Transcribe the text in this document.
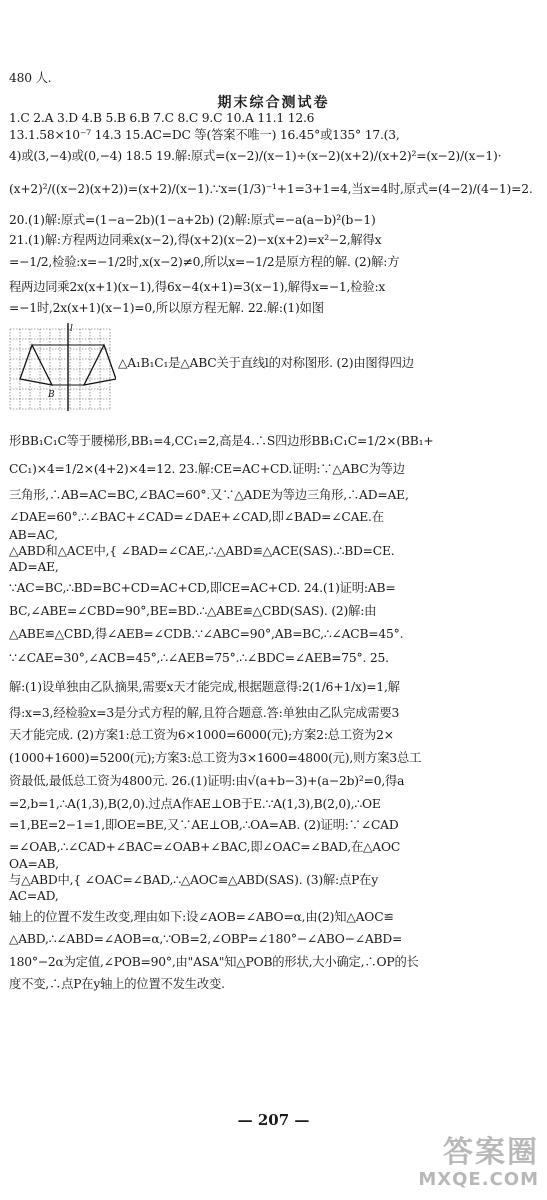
480 人.
期末综合测试卷
1.C 2.A 3.D 4.B 5.B 6.B 7.C 8.C 9.C 10.A 11.1 12.6
13.1.58×10⁻⁷ 14.3 15.AC=DC 等(答案不唯一) 16.45°或135° 17.(3,
4)或(3,−4)或(0,−4) 18.5 19.解:原式=(x−2)/(x−1)÷(x−2)(x+2)/(x+2)²=(x−2)/(x−1)·
(x+2)²/((x−2)(x+2))=(x+2)/(x−1).∵x=(1/3)⁻¹+1=3+1=4,当x=4时,原式=(4−2)/(4−1)=2.
20.(1)解:原式=(1−a−2b)(1−a+2b) (2)解:原式=−a(a−b)²(b−1)
21.(1)解:方程两边同乘x(x−2),得(x+2)(x−2)−x(x+2)=x²−2,解得x
=−1/2,检验:x=−1/2时,x(x−2)≠0,所以x=−1/2是原方程的解. (2)解:方
程两边同乘2x(x+1)(x−1),得6x−4(x+1)=3(x−1),解得x=−1,检验:x
=−1时,2x(x+1)(x−1)=0,所以原方程无解. 22.解:(1)如图
l
B
△A₁B₁C₁是△ABC关于直线l的对称图形. (2)由图得四边
形BB₁C₁C等于腰梯形,BB₁=4,CC₁=2,高是4.∴S四边形BB₁C₁C=1/2×(BB₁+
CC₁)×4=1/2×(4+2)×4=12. 23.解:CE=AC+CD.证明:∵△ABC为等边
三角形,∴AB=AC=BC,∠BAC=60°.又∵△ADE为等边三角形,∴AD=AE,
∠DAE=60°.∴∠BAC+∠CAD=∠DAE+∠CAD,即∠BAD=∠CAE.在
AB=AC,
△ABD和△ACE中,{ ∠BAD=∠CAE,∴△ABD≌△ACE(SAS).∴BD=CE.
AD=AE,
∵AC=BC,∴BD=BC+CD=AC+CD,即CE=AC+CD. 24.(1)证明:AB=
BC,∠ABE=∠CBD=90°,BE=BD.∴△ABE≌△CBD(SAS). (2)解:由
△ABE≌△CBD,得∠AEB=∠CDB.∵∠ABC=90°,AB=BC,∴∠ACB=45°.
∵∠CAE=30°,∠ACB=45°,∴∠AEB=75°.∴∠BDC=∠AEB=75°. 25.
解:(1)设单独由乙队摘果,需要x天才能完成,根据题意得:2(1/6+1/x)=1,解
得:x=3,经检验x=3是分式方程的解,且符合题意.答:单独由乙队完成需要3
天才能完成. (2)方案1:总工资为6×1000=6000(元);方案2:总工资为2×
(1000+1600)=5200(元);方案3:总工资为3×1600=4800(元),则方案3总工
资最低,最低总工资为4800元. 26.(1)证明:由√(a+b−3)+(a−2b)²=0,得a
=2,b=1,∴A(1,3),B(2,0).过点A作AE⊥OB于E.∵A(1,3),B(2,0),∴OE
=1,BE=2−1=1,即OE=BE,又∵AE⊥OB,∴OA=AB. (2)证明:∵∠CAD
=∠OAB,∴∠CAD+∠BAC=∠OAB+∠BAC,即∠OAC=∠BAD,在△AOC
OA=AB,
与△ABD中,{ ∠OAC=∠BAD,∴△AOC≌△ABD(SAS). (3)解:点P在y
AC=AD,
轴上的位置不发生改变,理由如下:设∠AOB=∠ABO=α,由(2)知△AOC≌
△ABD,∴∠ABD=∠AOB=α,∵OB=2,∠OBP=∠180°−∠ABO−∠ABD=
180°−2α为定值,∠POB=90°,由"ASA"知△POB的形状,大小确定,∴OP的长
度不变,∴点P在y轴上的位置不发生改变.
— 207 —
答案圈
MXQE.COM
